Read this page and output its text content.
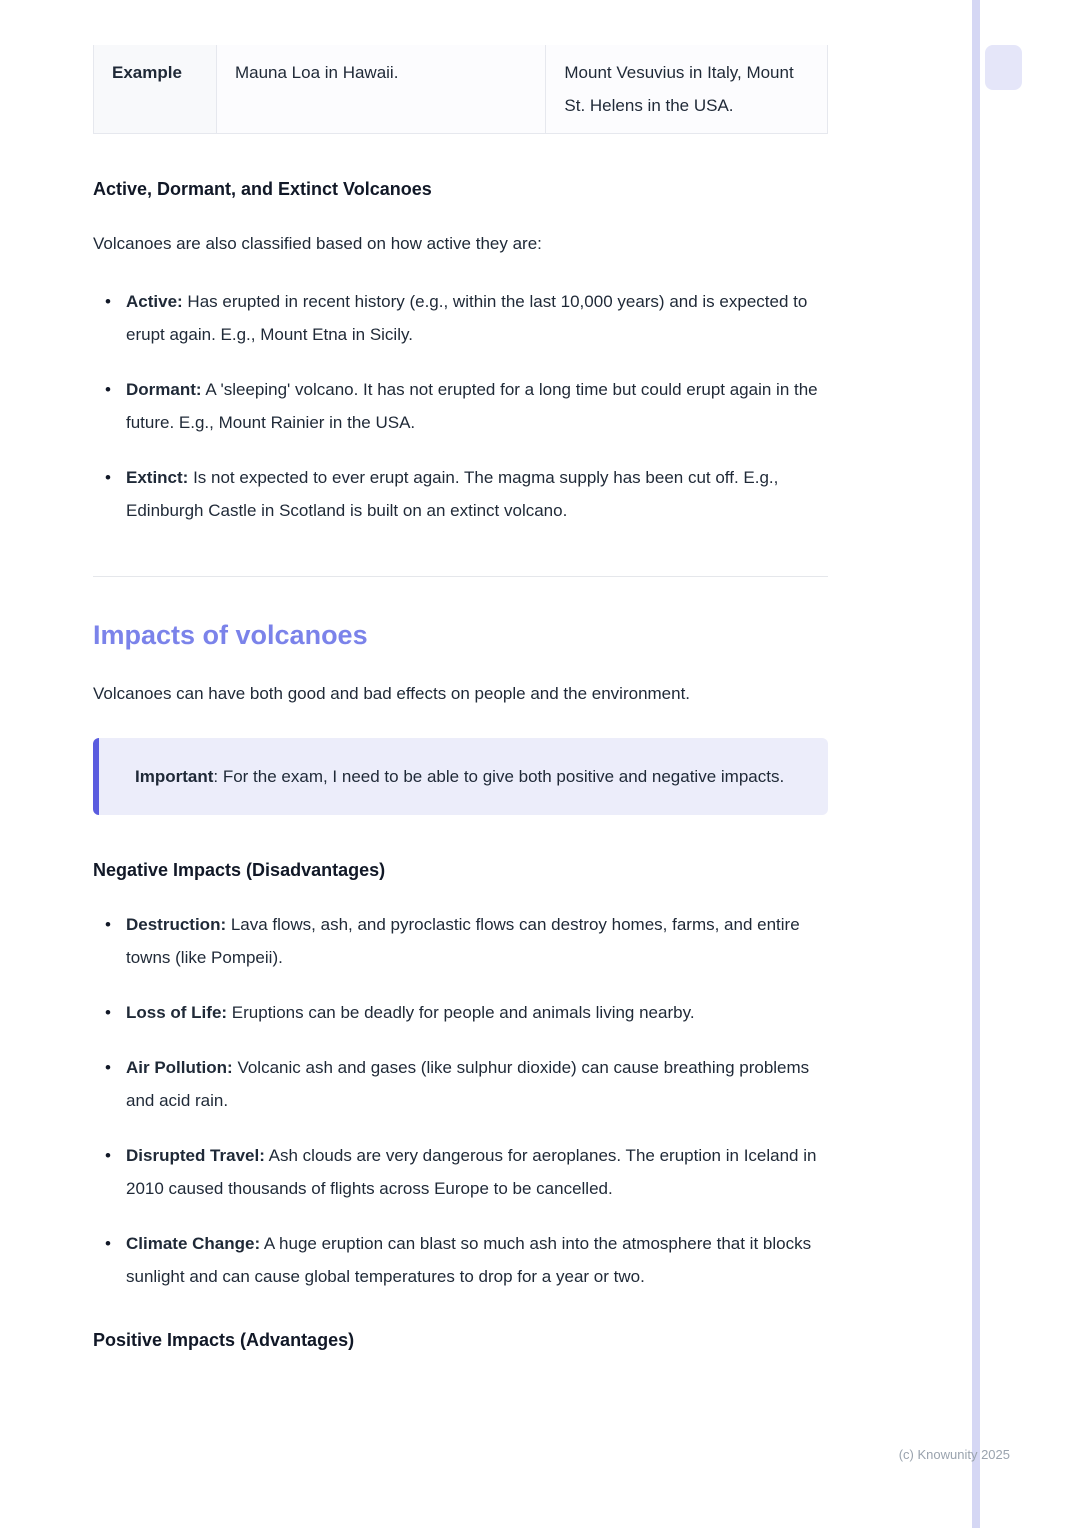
Example	Mauna Loa in Hawaii.	Mount Vesuvius in Italy, Mount St. Helens in the USA.
Active, Dormant, and Extinct Volcanoes

Volcanoes are also classified based on how active they are:

• Active: Has erupted in recent history (e.g., within the last 10,000 years) and is expected to erupt again. E.g., Mount Etna in Sicily.
• Dormant: A 'sleeping' volcano. It has not erupted for a long time but could erupt again in the future. E.g., Mount Rainier in the USA.
• Extinct: Is not expected to ever erupt again. The magma supply has been cut off. E.g., Edinburgh Castle in Scotland is built on an extinct volcano.
Impacts of volcanoes

Volcanoes can have both good and bad effects on people and the environment.

Important: For the exam, I need to be able to give both positive and negative impacts.
Negative Impacts (Disadvantages)
• Destruction: Lava flows, ash, and pyroclastic flows can destroy homes, farms, and entire towns (like Pompeii).
• Loss of Life: Eruptions can be deadly for people and animals living nearby.
• Air Pollution: Volcanic ash and gases (like sulphur dioxide) can cause breathing problems and acid rain.
• Disrupted Travel: Ash clouds are very dangerous for aeroplanes. The eruption in Iceland in 2010 caused thousands of flights across Europe to be cancelled.
• Climate Change: A huge eruption can blast so much ash into the atmosphere that it blocks sunlight and can cause global temperatures to drop for a year or two.
Positive Impacts (Advantages)
(c) Knowunity 2025
